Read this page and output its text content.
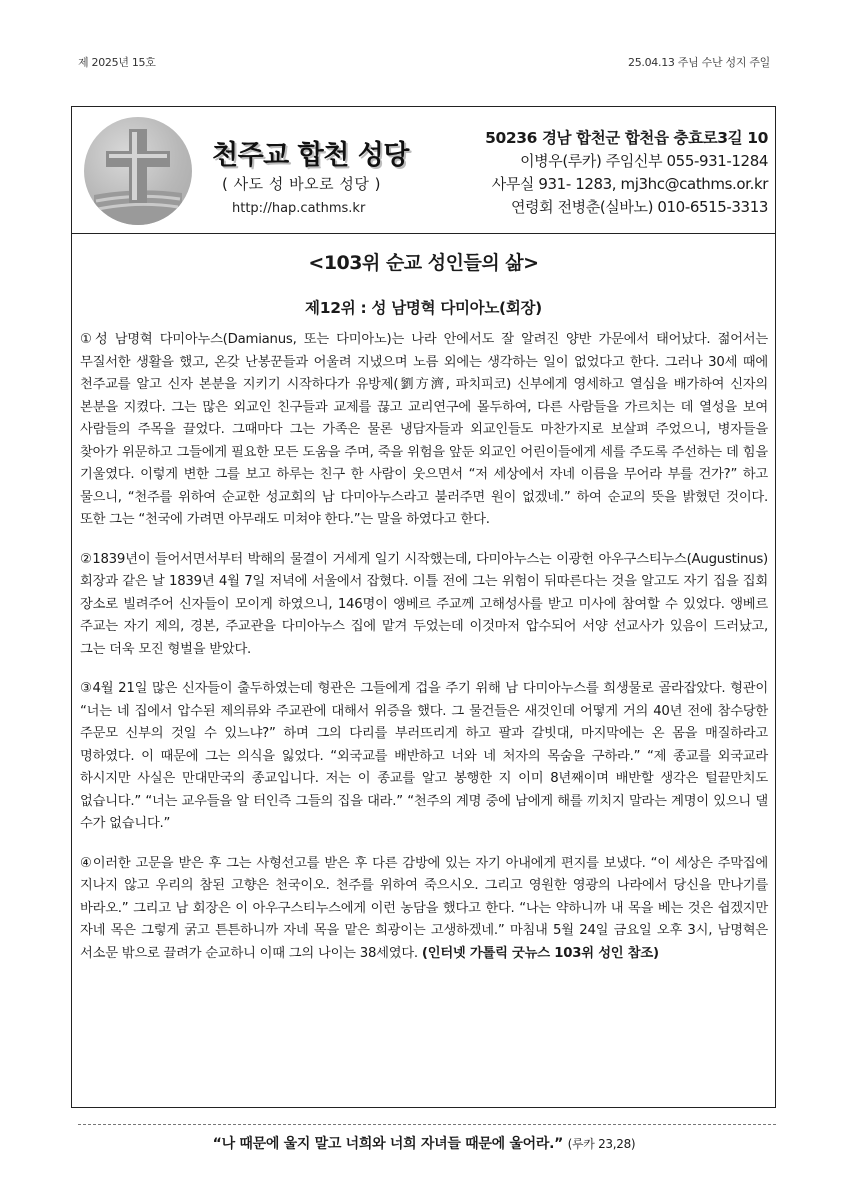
제 2025년 15호	25.04.13 주님 수난 성지 주일
천주교 합천 성당
( 사도 성 바오로 성당 )
http://hap.cathms.kr
50236 경남 합천군 합천읍 충효로3길 10
이병우(루카) 주임신부 055-931-1284
사무실 931- 1283, mj3hc@cathms.or.kr
연령회 전병춘(실바노) 010-6515-3313
<103위 순교 성인들의 삶>
제12위 : 성 남명혁 다미아노(회장)

①성 남명혁 다미아누스(Damianus, 또는 다미아노)는 나라 안에서도 잘 알려진 양반 가문에서 태어났다. 젊어서는 무질서한 생활을 했고, 온갖 난봉꾼들과 어울려 지냈으며 노름 외에는 생각하는 일이 없었다고 한다. 그러나 30세 때에 천주교를 알고 신자 본분을 지키기 시작하다가 유방제(劉方濟, 파치피코) 신부에게 영세하고 열심을 배가하여 신자의 본분을 지켰다. 그는 많은 외교인 친구들과 교제를 끊고 교리연구에 몰두하여, 다른 사람들을 가르치는 데 열성을 보여 사람들의 주목을 끌었다. 그때마다 그는 가족은 물론 냉담자들과 외교인들도 마찬가지로 보살펴 주었으니, 병자들을 찾아가 위문하고 그들에게 필요한 모든 도움을 주며, 죽을 위험을 앞둔 외교인 어린이들에게 세를 주도록 주선하는 데 힘을 기울였다. 이렇게 변한 그를 보고 하루는 친구 한 사람이 웃으면서 “저 세상에서 자네 이름을 무어라 부를 건가?” 하고 물으니, “천주를 위하여 순교한 성교회의 남 다미아누스라고 불러주면 원이 없겠네.” 하여 순교의 뜻을 밝혔던 것이다. 또한 그는 “천국에 가려면 아무래도 미쳐야 한다.”는 말을 하였다고 한다.

②1839년이 들어서면서부터 박해의 물결이 거세게 일기 시작했는데, 다미아누스는 이광헌 아우구스티누스(Augustinus) 회장과 같은 날 1839년 4월 7일 저녁에 서울에서 잡혔다. 이틀 전에 그는 위험이 뒤따른다는 것을 알고도 자기 집을 집회 장소로 빌려주어 신자들이 모이게 하였으니, 146명이 앵베르 주교께 고해성사를 받고 미사에 참여할 수 있었다. 앵베르 주교는 자기 제의, 경본, 주교관을 다미아누스 집에 맡겨 두었는데 이것마저 압수되어 서양 선교사가 있음이 드러났고, 그는 더욱 모진 형벌을 받았다.

③4월 21일 많은 신자들이 출두하였는데 형관은 그들에게 겁을 주기 위해 남 다미아누스를 희생물로 골라잡았다. 형관이 “너는 네 집에서 압수된 제의류와 주교관에 대해서 위증을 했다. 그 물건들은 새것인데 어떻게 거의 40년 전에 참수당한 주문모 신부의 것일 수 있느냐?” 하며 그의 다리를 부러뜨리게 하고 팔과 갈빗대, 마지막에는 온 몸을 매질하라고 명하였다. 이 때문에 그는 의식을 잃었다. “외국교를 배반하고 너와 네 처자의 목숨을 구하라.” “제 종교를 외국교라 하시지만 사실은 만대만국의 종교입니다. 저는 이 종교를 알고 봉행한 지 이미 8년째이며 배반할 생각은 털끝만치도 없습니다.” “너는 교우들을 알 터인즉 그들의 집을 대라.” “천주의 계명 중에 남에게 해를 끼치지 말라는 계명이 있으니 댈 수가 없습니다.”

④이러한 고문을 받은 후 그는 사형선고를 받은 후 다른 감방에 있는 자기 아내에게 편지를 보냈다. “이 세상은 주막집에 지나지 않고 우리의 참된 고향은 천국이오. 천주를 위하여 죽으시오. 그리고 영원한 영광의 나라에서 당신을 만나기를 바라오.” 그리고 남 회장은 이 아우구스티누스에게 이런 농담을 했다고 한다. “나는 약하니까 내 목을 베는 것은 쉽겠지만 자네 목은 그렇게 굵고 튼튼하니까 자네 목을 맡은 희광이는 고생하겠네.” 마침내 5월 24일 금요일 오후 3시, 남명혁은 서소문 밖으로 끌려가 순교하니 이때 그의 나이는 38세였다. (인터넷 가톨릭 굿뉴스 103위 성인 참조)

“나 때문에 울지 말고 너희와 너희 자녀들 때문에 울어라.” (루카 23,28)
